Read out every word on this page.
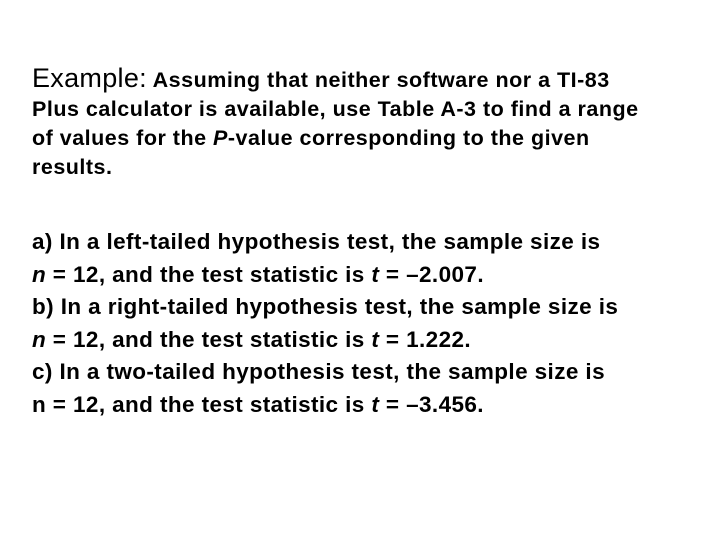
Example: Assuming that neither software nor a TI-83
Plus calculator is available, use Table A-3 to find a range
of values for the P-value corresponding to the given
results.
a) In a left-tailed hypothesis test, the sample size is
n = 12, and the test statistic is t = –2.007.
b) In a right-tailed hypothesis test, the sample size is
n = 12, and the test statistic is t = 1.222.
c) In a two-tailed hypothesis test, the sample size is
n = 12, and the test statistic is t = –3.456.
